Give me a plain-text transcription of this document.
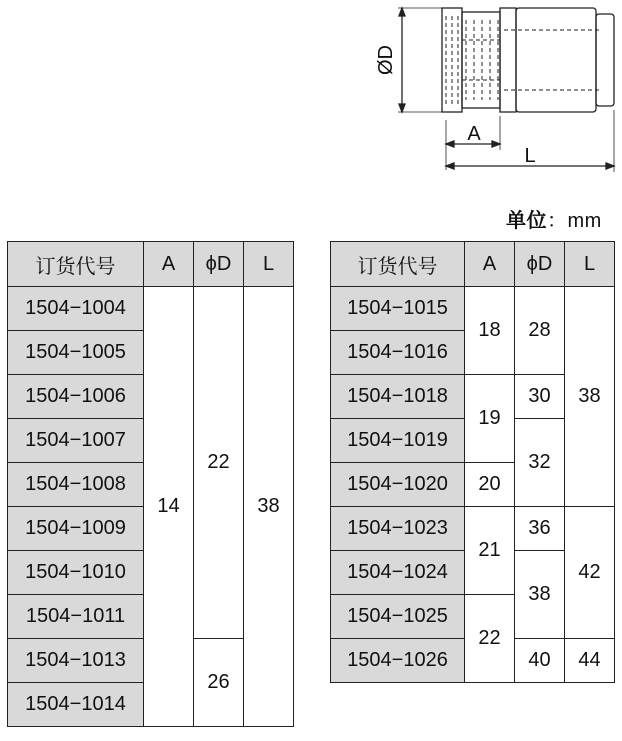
ØD
A
L
单位：mm
订货代号	A	ϕD	L
1504−1004	14	22	38
1504−1005			
1504−1006			
1504−1007			
1504−1008			
1504−1009			
1504−1010			
1504−1011			
1504−1013		26	
1504−1014			
订货代号	A	ϕD	L
1504−1015	18	28	38
1504−1016			
1504−1018	19	30	
1504−1019		32	
1504−1020	20		
1504−1023	21	36	42
1504−1024		38	
1504−1025	22		
1504−1026		40	44
